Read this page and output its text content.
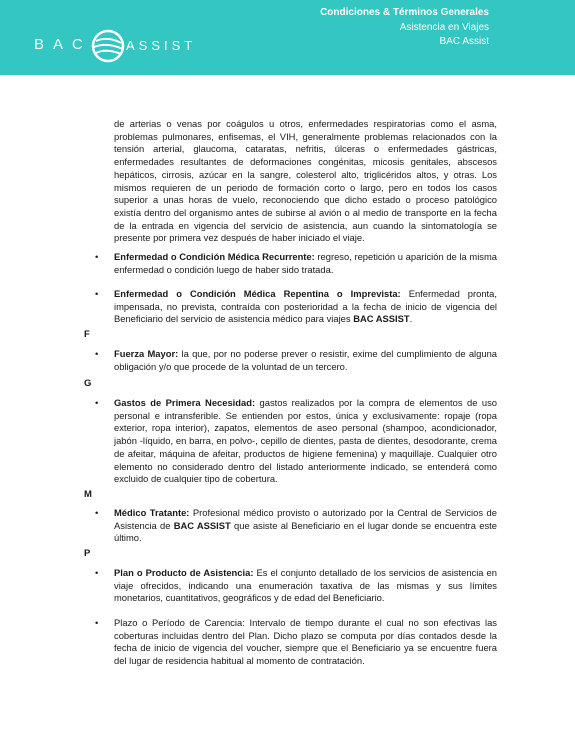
BAC	ASSIST
Condiciones & Términos Generales
Asistencia en Viajes
BAC Assist

de arterias o venas por coágulos u otros, enfermedades respiratorias como el asma, problemas pulmonares, enfisemas, el VIH, generalmente problemas relacionados con la tensión arterial, glaucoma, cataratas, nefritis, úlceras o enfermedades gástricas, enfermedades resultantes de deformaciones congénitas, micosis genitales, abscesos hepáticos, cirrosis, azúcar en la sangre, colesterol alto, triglicéridos altos, y otras. Los mismos requieren de un periodo de formación corto o largo, pero en todos los casos superior a unas horas de vuelo, reconociendo que dicho estado o proceso patológico existía dentro del organismo antes de subirse al avión o al medio de transporte en la fecha de la entrada en vigencia del servicio de asistencia, aun cuando la sintomatología se presente por primera vez después de haber iniciado el viaje.

• Enfermedad o Condición Médica Recurrente: regreso, repetición u aparición de la misma enfermedad o condición luego de haber sido tratada.
• Enfermedad o Condición Médica Repentina o Imprevista: Enfermedad pronta, impensada, no prevista, contraída con posterioridad a la fecha de inicio de vigencia del Beneficiario del servicio de asistencia médico para viajes BAC ASSIST.
F
• Fuerza Mayor: la que, por no poderse prever o resistir, exime del cumplimiento de alguna obligación y/o que procede de la voluntad de un tercero.
G
• Gastos de Primera Necesidad: gastos realizados por la compra de elementos de uso personal e intransferible. Se entienden por estos, única y exclusivamente: ropaje (ropa exterior, ropa interior), zapatos, elementos de aseo personal (shampoo, acondicionador, jabón -líquido, en barra, en polvo-, cepillo de dientes, pasta de dientes, desodorante, crema de afeitar, máquina de afeitar, productos de higiene femenina) y maquillaje. Cualquier otro elemento no considerado dentro del listado anteriormente indicado, se entenderá como excluido de cualquier tipo de cobertura.
M
• Médico Tratante: Profesional médico provisto o autorizado por la Central de Servicios de Asistencia de BAC ASSIST que asiste al Beneficiario en el lugar donde se encuentra este último.
P
• Plan o Producto de Asistencia: Es el conjunto detallado de los servicios de asistencia en viaje ofrecidos, indicando una enumeración taxativa de las mismas y sus límites monetarios, cuantitativos, geográficos y de edad del Beneficiario.
• Plazo o Período de Carencia: Intervalo de tiempo durante el cual no son efectivas las coberturas incluidas dentro del Plan. Dicho plazo se computa por días contados desde la fecha de inicio de vigencia del voucher, siempre que el Beneficiario ya se encuentre fuera del lugar de residencia habitual al momento de contratación.
